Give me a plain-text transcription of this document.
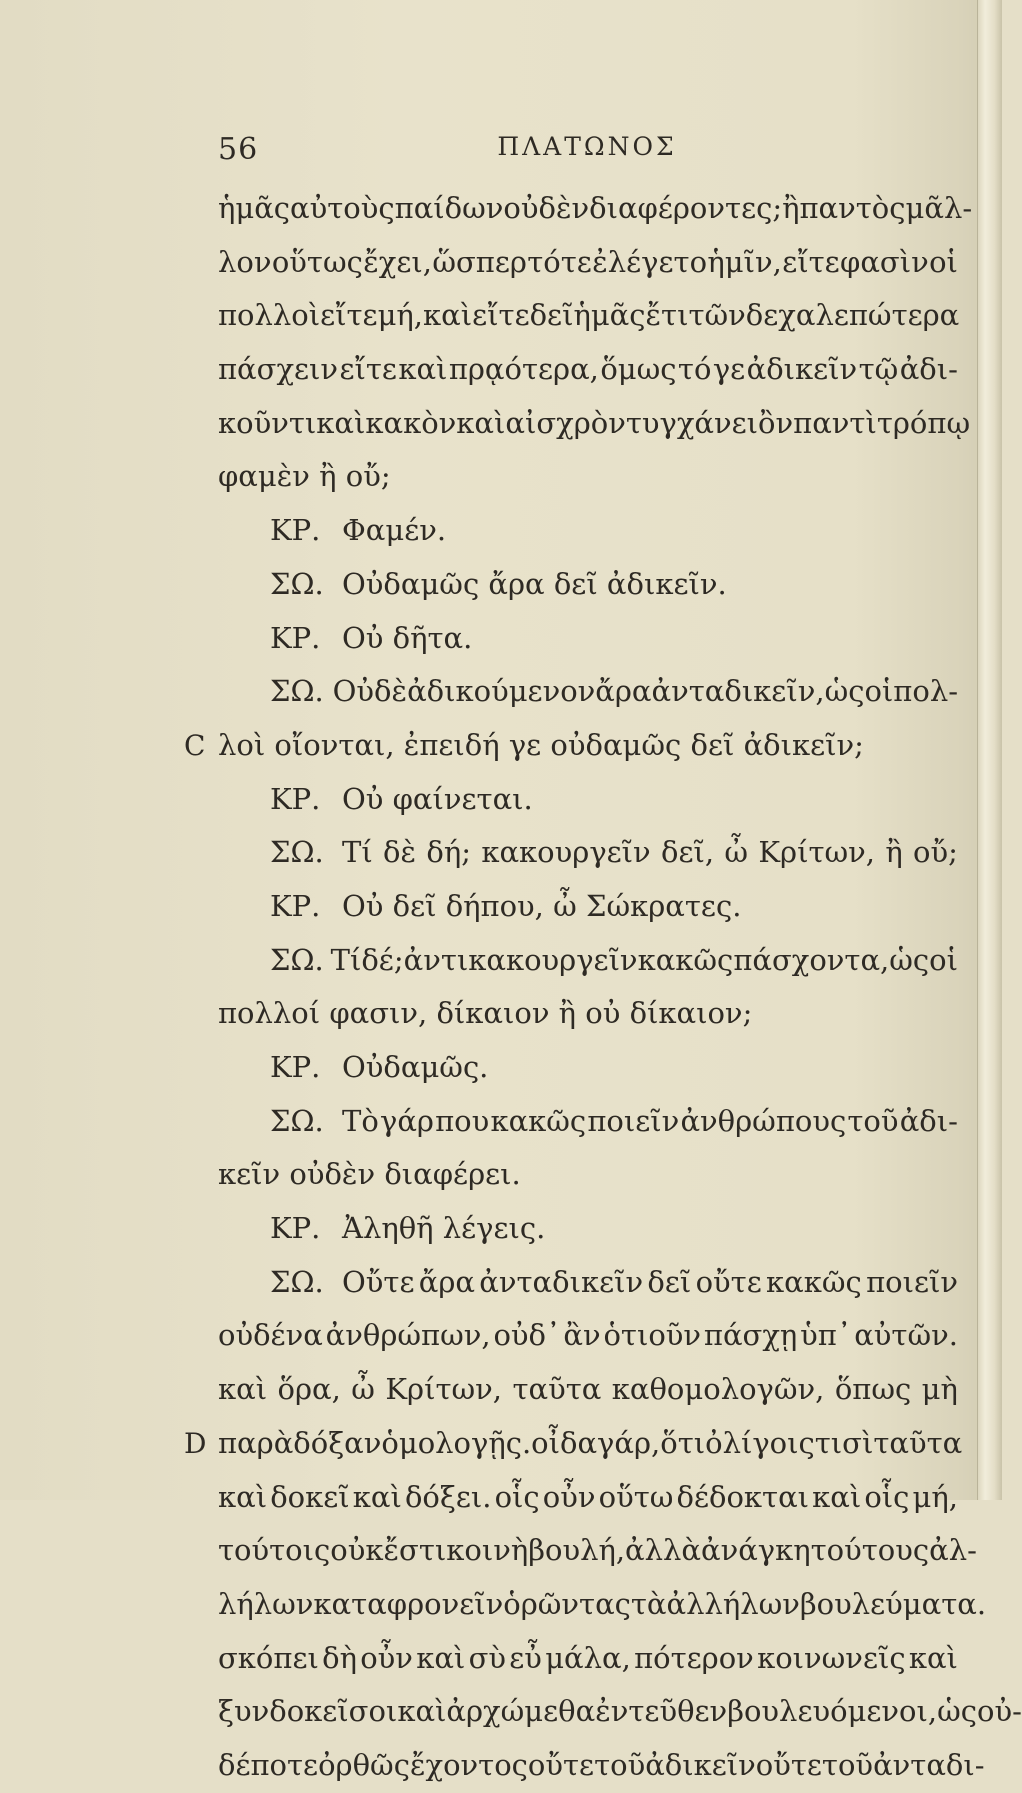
56	ΠΛΑΤΩΝΟΣ
ἡμᾶς αὐτοὺς παίδων οὐδὲν διαφέροντες; ἢ παντὸς μᾶλ-
λον οὕτως ἔχει, ὥσπερ τότε ἐλέγετο ἡμῖν, εἴτε φασὶν οἱ
πολλοὶ εἴτε μή, καὶ εἴτε δεῖ ἡμᾶς ἔτι τῶνδε χαλεπώτερα
πάσχειν εἴτε καὶ πρᾳότερα, ὅμως τό γε ἀδικεῖν τῷ ἀδι-
κοῦντι καὶ κακὸν καὶ αἰσχρὸν τυγχάνει ὂν παντὶ τρόπῳ
φαμὲν ἢ οὔ;
ΚΡ. Φαμέν.
ΣΩ. Οὐδαμῶς ἄρα δεῖ ἀδικεῖν.
ΚΡ. Οὐ δῆτα.
ΣΩ. Οὐδὲ ἀδικούμενον ἄρα ἀνταδικεῖν, ὡς οἱ πολ-
C λοὶ οἴονται, ἐπειδή γε οὐδαμῶς δεῖ ἀδικεῖν;
ΚΡ. Οὐ φαίνεται.
ΣΩ. Τί δὲ δή; κακουργεῖν δεῖ, ὦ Κρίτων, ἢ οὔ;
ΚΡ. Οὐ δεῖ δήπου, ὦ Σώκρατες.
ΣΩ. Τί δέ; ἀντικακουργεῖν κακῶς πάσχοντα, ὡς οἱ
πολλοί φασιν, δίκαιον ἢ οὐ δίκαιον;
ΚΡ. Οὐδαμῶς.
ΣΩ. Τὸ γάρ που κακῶς ποιεῖν ἀνθρώπους τοῦ ἀδι-
κεῖν οὐδὲν διαφέρει.
ΚΡ. Ἀληθῆ λέγεις.
ΣΩ. Οὔτε ἄρα ἀνταδικεῖν δεῖ οὔτε κακῶς ποιεῖν
οὐδένα ἀνθρώπων, οὐδ᾽ ἂν ὁτιοῦν πάσχῃ ὑπ᾽ αὐτῶν.
καὶ ὅρα, ὦ Κρίτων, ταῦτα καθομολογῶν, ὅπως μὴ
D παρὰ δόξαν ὁμολογῇς. οἶδα γάρ, ὅτι ὀλίγοις τισὶ ταῦτα
καὶ δοκεῖ καὶ δόξει. οἷς οὖν οὕτω δέδοκται καὶ οἷς μή,
τούτοις οὐκ ἔστι κοινὴ βουλή, ἀλλὰ ἀνάγκη τούτους ἀλ-
λήλων καταφρονεῖν ὁρῶντας τὰ ἀλλήλων βουλεύματα.
σκόπει δὴ οὖν καὶ σὺ εὖ μάλα, πότερον κοινωνεῖς καὶ
ξυνδοκεῖ σοι καὶ ἀρχώμεθα ἐντεῦθεν βουλευόμενοι, ὡς οὐ-
δέποτε ὀρθῶς ἔχοντος οὔτε τοῦ ἀδικεῖν οὔτε τοῦ ἀνταδι-
